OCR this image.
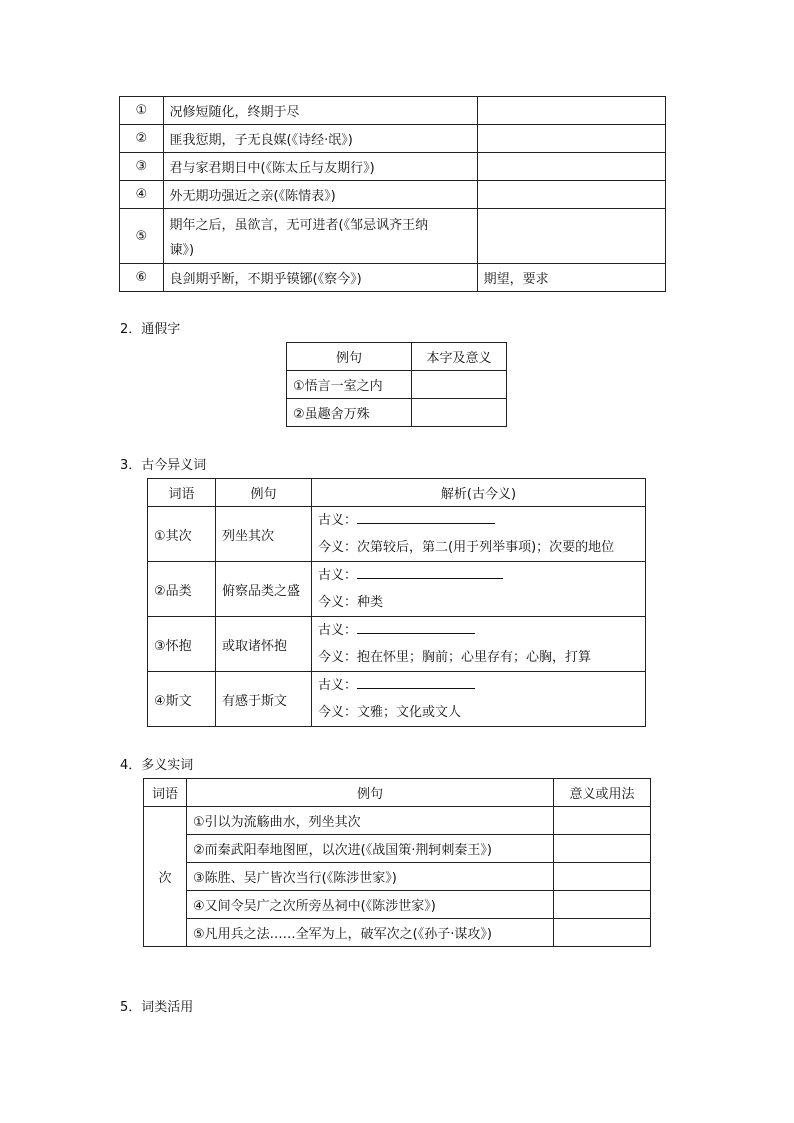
①	况修短随化，终期于尽	
②	匪我愆期，子无良媒(《诗经·氓》)	
③	君与家君期日中(《陈太丘与友期行》)	
④	外无期功强近之亲(《陈情表》)	
⑤	期年之后，虽欲言，无可进者(《邹忌讽齐王纳
谏》)	

⑥	良剑期乎断，不期乎镆铘(《察今》)	期望，要求
2．通假字
例句	本字及意义
①悟言一室之内	
②虽趣舍万殊	
3．古今异义词
词语	例句	解析(古今义)
①其次	列坐其次	古义：
今义：次第较后，第二(用于列举事项)；次要的地位

②品类	俯察品类之盛	古义：
今义：种类

③怀抱	或取诸怀抱	古义：
今义：抱在怀里；胸前；心里存有；心胸，打算

④斯文	有感于斯文	古义：
今义：文雅；文化或文人
4．多义实词
词语	例句	意义或用法
次	①引以为流觞曲水，列坐其次	
	②而秦武阳奉地图匣，以次进(《战国策·荆轲刺秦王》)	
	③陈胜、吴广皆次当行(《陈涉世家》)	
	④又间令吴广之次所旁丛祠中(《陈涉世家》)	
	⑤凡用兵之法……全军为上，破军次之(《孙子·谋攻》)	
5．词类活用
